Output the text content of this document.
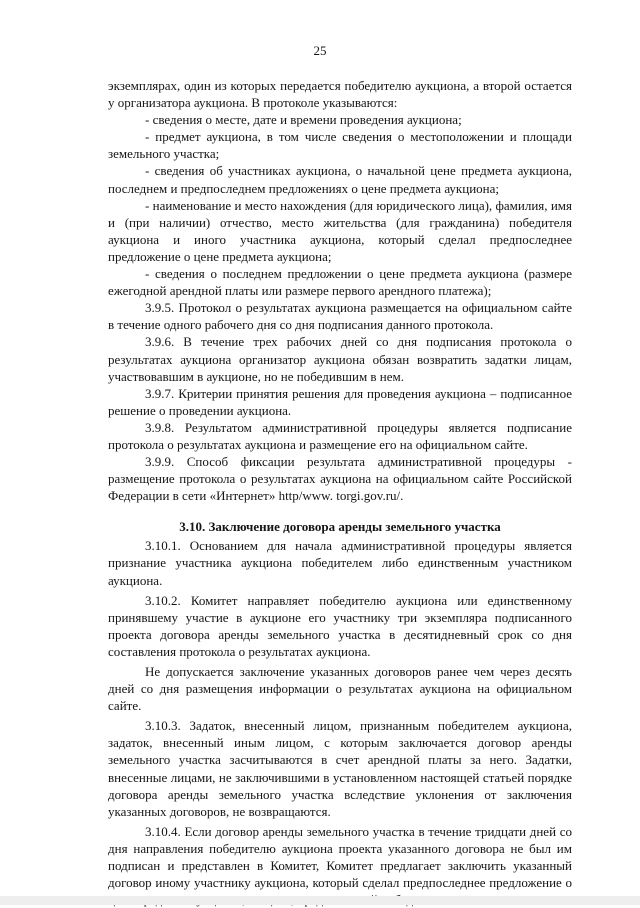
25

экземплярах, один из которых передается победителю аукциона, а второй остается у организатора аукциона. В протоколе указываются:

- сведения о месте, дате и времени проведения аукциона;

- предмет аукциона, в том числе сведения о местоположении и площади земельного участка;

- сведения об участниках аукциона, о начальной цене предмета аукциона, последнем и предпоследнем предложениях о цене предмета аукциона;

- наименование и место нахождения (для юридического лица), фамилия, имя и (при наличии) отчество, место жительства (для гражданина) победителя аукциона и иного участника аукциона, который сделал предпоследнее предложение о цене предмета аукциона;

- сведения о последнем предложении о цене предмета аукциона (размере ежегодной арендной платы или размере первого арендного платежа);

3.9.5. Протокол о результатах аукциона размещается на официальном сайте в течение одного рабочего дня со дня подписания данного протокола.

3.9.6. В течение трех рабочих дней со дня подписания протокола о результатах аукциона организатор аукциона обязан возвратить задатки лицам, участвовавшим в аукционе, но не победившим в нем.

3.9.7. Критерии принятия решения для проведения аукциона – подписанное решение о проведении аукциона.

3.9.8. Результатом административной процедуры является подписание протокола о результатах аукциона и размещение его на официальном сайте.

3.9.9. Способ фиксации результата административной процедуры - размещение протокола о результатах аукциона на официальном сайте Российской Федерации в сети «Интернет» http/www. torgi.gov.ru/.

3.10. Заключение договора аренды земельного участка

3.10.1. Основанием для начала административной процедуры является признание участника аукциона победителем либо единственным участником аукциона.

3.10.2. Комитет направляет победителю аукциона или единственному принявшему участие в аукционе его участнику три экземпляра подписанного проекта договора аренды земельного участка в десятидневный срок со дня составления протокола о результатах аукциона.

Не допускается заключение указанных договоров ранее чем через десять дней со дня размещения информации о результатах аукциона на официальном сайте.

3.10.3. Задаток, внесенный лицом, признанным победителем аукциона, задаток, внесенный иным лицом, с которым заключается договор аренды земельного участка засчитываются в счет арендной платы за него. Задатки, внесенные лицами, не заключившими в установленном настоящей статьей порядке договора аренды земельного участка вследствие уклонения от заключения указанных договоров, не возвращаются.

3.10.4. Если договор аренды земельного участка в течение тридцати дней со дня направления победителю аукциона проекта указанного договора не был им подписан и представлен в Комитет, Комитет предлагает заключить указанный договор иному участнику аукциона, который сделал предпоследнее предложение о
